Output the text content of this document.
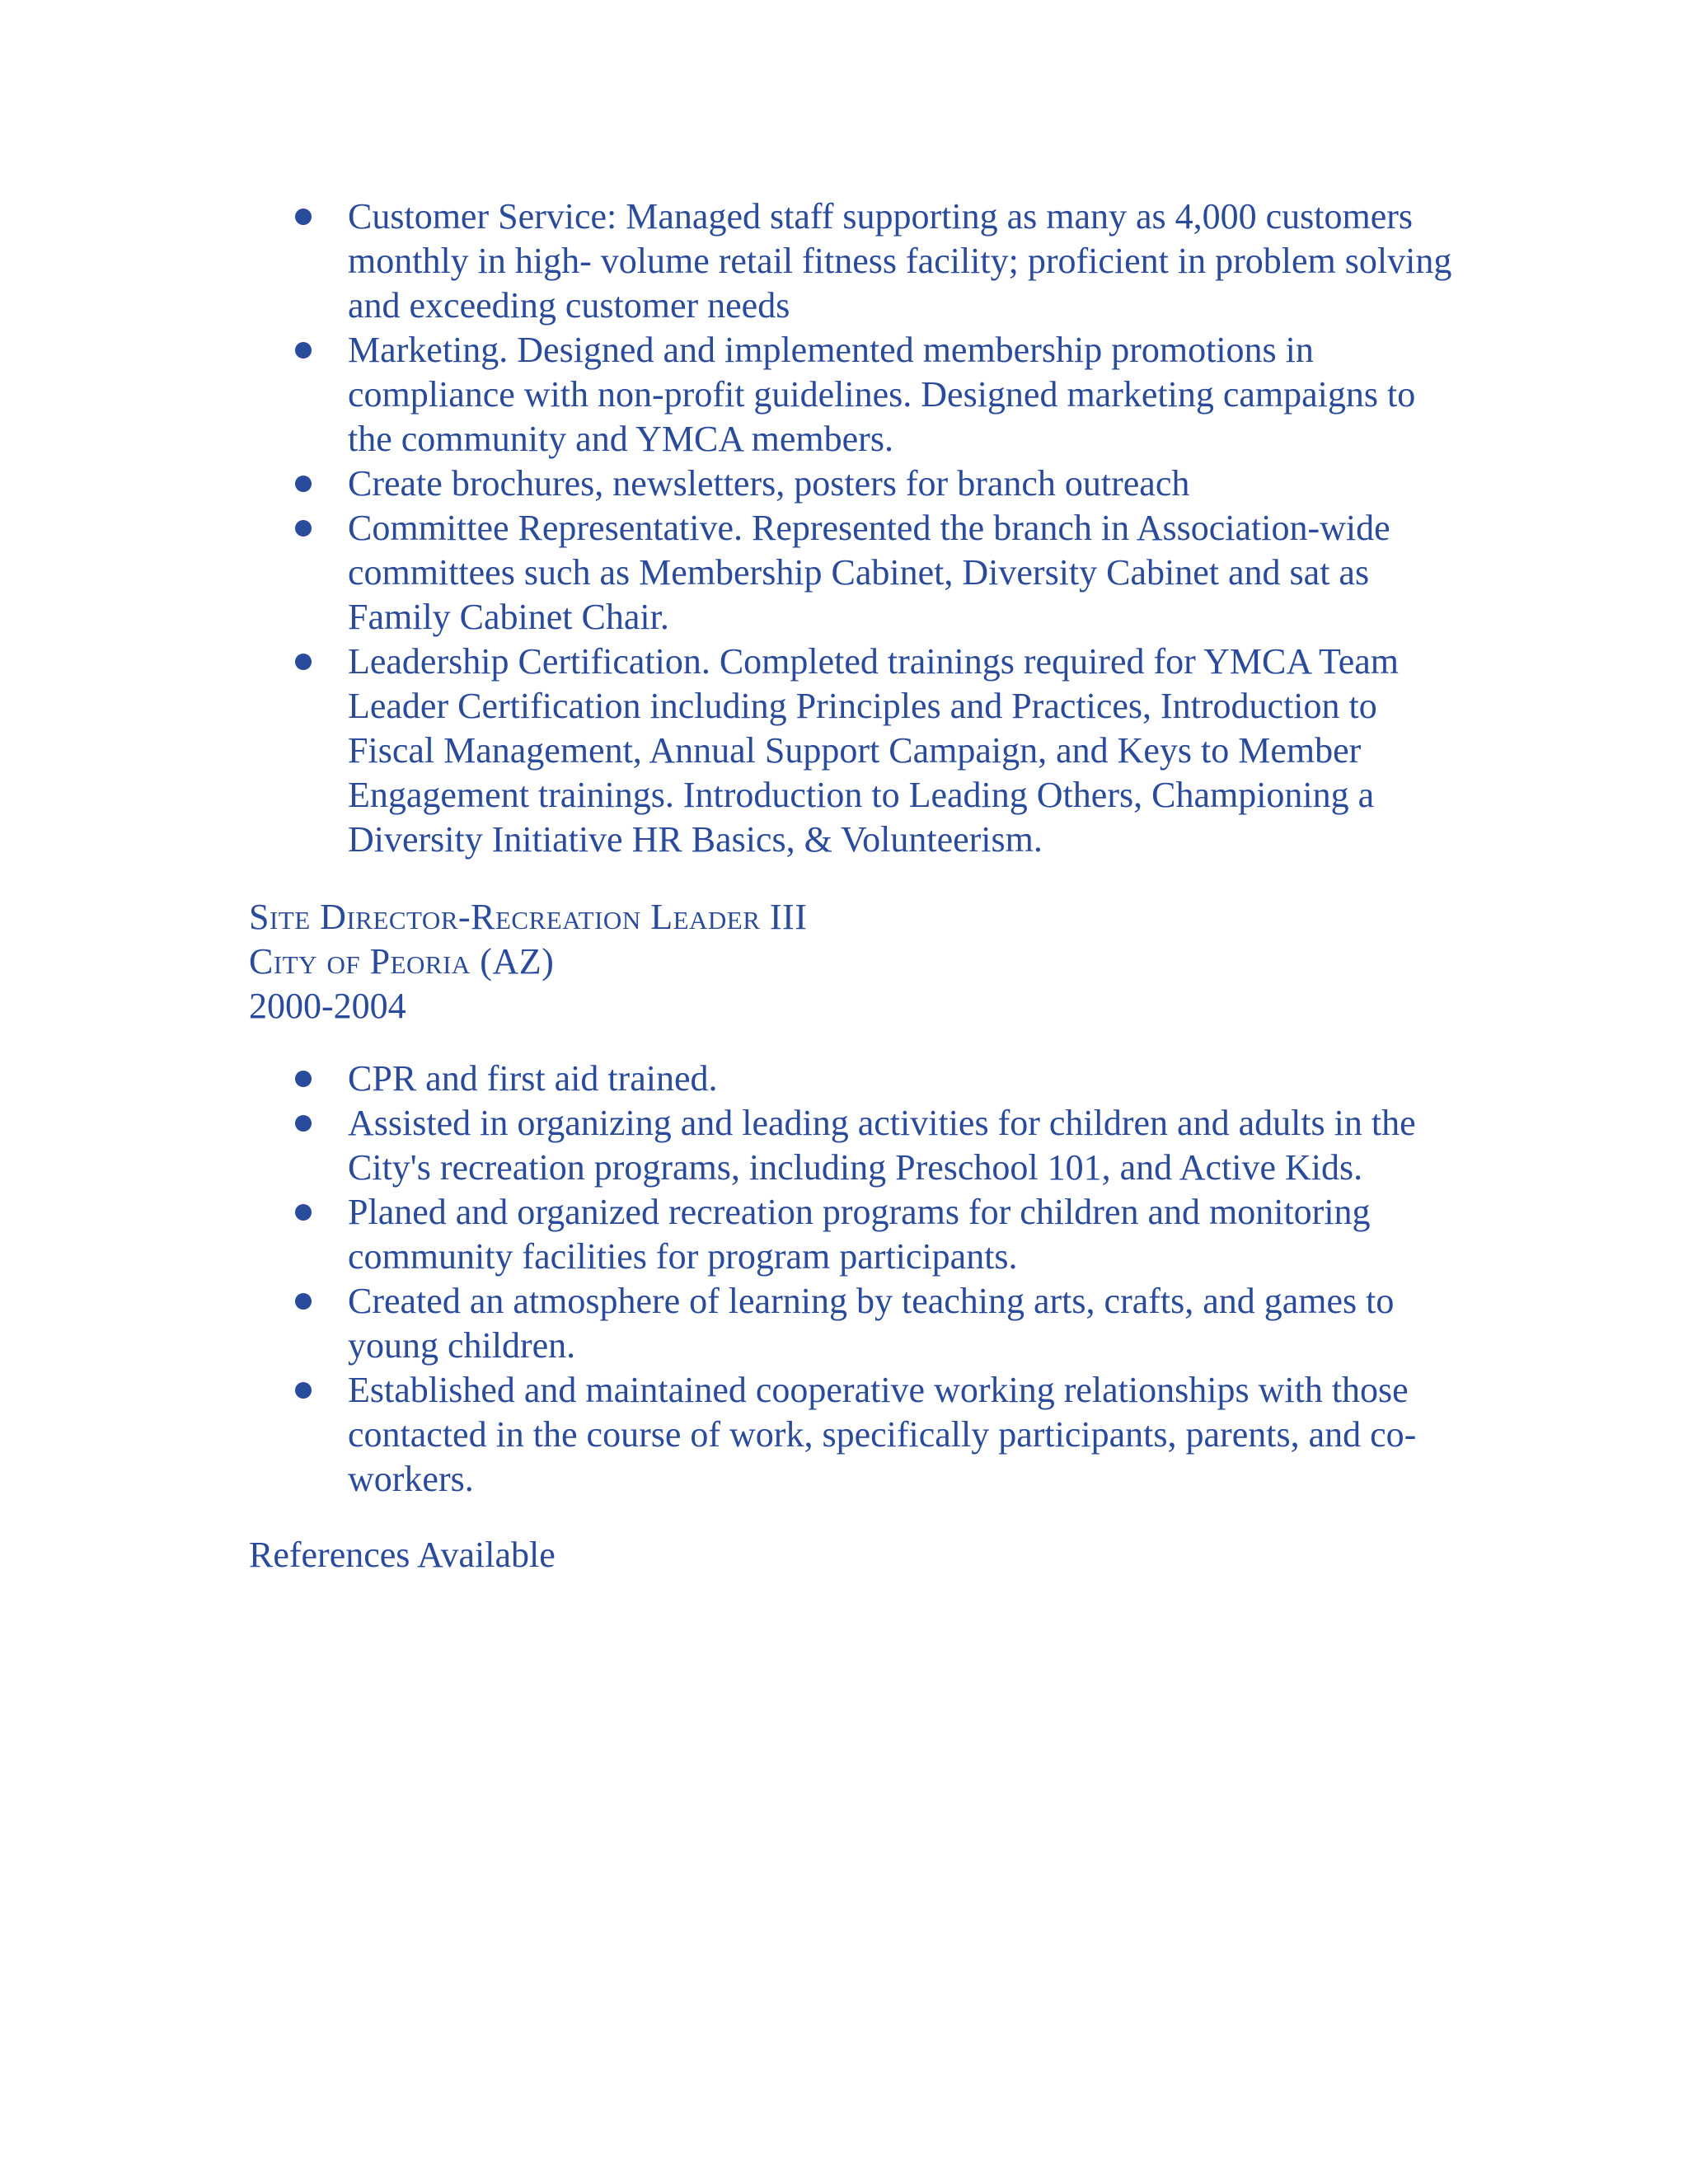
Customer Service: Managed staff supporting as many as 4,000 customers monthly in high- volume retail fitness facility; proficient in problem solving and exceeding customer needs
Marketing. Designed and implemented membership promotions in compliance with non-profit guidelines. Designed marketing campaigns to the community and YMCA members.
Create brochures, newsletters, posters for branch outreach
Committee Representative. Represented the branch in Association-wide committees such as Membership Cabinet, Diversity Cabinet and sat as Family Cabinet Chair.
Leadership Certification. Completed trainings required for YMCA Team Leader Certification including Principles and Practices, Introduction to Fiscal Management, Annual Support Campaign, and Keys to Member Engagement trainings. Introduction to Leading Others, Championing a Diversity Initiative HR Basics, & Volunteerism.
Site Director-Recreation Leader III
City of Peoria (AZ)
2000-2004
CPR and first aid trained.
Assisted in organizing and leading activities for children and adults in the City's recreation programs, including Preschool 101, and Active Kids.
Planed and organized recreation programs for children and monitoring community facilities for program participants.
Created an atmosphere of learning by teaching arts, crafts, and games to young children.
Established and maintained cooperative working relationships with those contacted in the course of work, specifically participants, parents, and co-workers.
References Available
